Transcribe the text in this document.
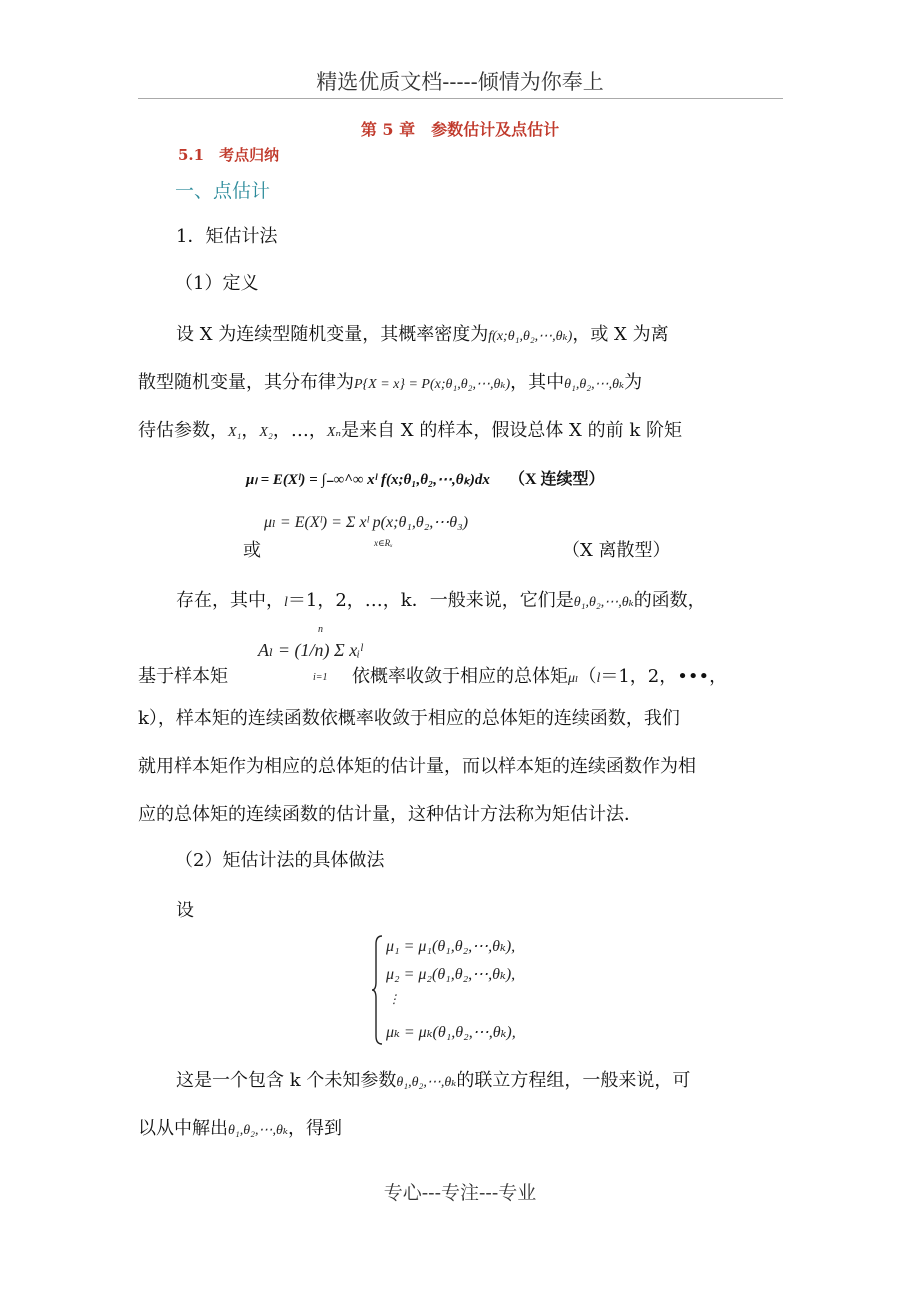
精选优质文档-----倾情为你奉上
第 5 章　参数估计及点估计
5.1　考点归纳
一、点估计
1．矩估计法
（1）定义
设 X 为连续型随机变量，其概率密度为f(x;θ₁,θ₂,⋯,θₖ)，或 X 为离
散型随机变量，其分布律为P{X = x} = P(x;θ₁,θ₂,⋯,θₖ)，其中θ₁,θ₂,⋯,θₖ为
待估参数，X₁，X₂，…，Xₙ是来自 X 的样本，假设总体 X 的前 k 阶矩
μₗ = E(Xˡ) = ∫₋∞^∞ xˡ f(x;θ₁,θ₂,⋯,θₖ)dx （X 连续型）
μₗ = E(Xˡ) = Σ xˡ p(x;θ₁,θ₂,⋯θ₃)
x∈Rₓ
或	（X 离散型）
存在，其中，l＝1，2，…，k．一般来说，它们是θ₁,θ₂,⋯,θₖ的函数，
n
Aₗ = (1/n) Σ xᵢˡ
i=1
基于样本矩	依概率收敛于相应的总体矩μₗ（l＝1，2，•••，
k），样本矩的连续函数依概率收敛于相应的总体矩的连续函数，我们
就用样本矩作为相应的总体矩的估计量，而以样本矩的连续函数作为相
应的总体矩的连续函数的估计量，这种估计方法称为矩估计法．
（2）矩估计法的具体做法
设
μ₁ = μ₁(θ₁,θ₂,⋯,θₖ),
μ₂ = μ₂(θ₁,θ₂,⋯,θₖ),
⋮
μₖ = μₖ(θ₁,θ₂,⋯,θₖ),
这是一个包含 k 个未知参数θ₁,θ₂,⋯,θₖ的联立方程组，一般来说，可
以从中解出θ₁,θ₂,⋯,θₖ，得到
专心---专注---专业
